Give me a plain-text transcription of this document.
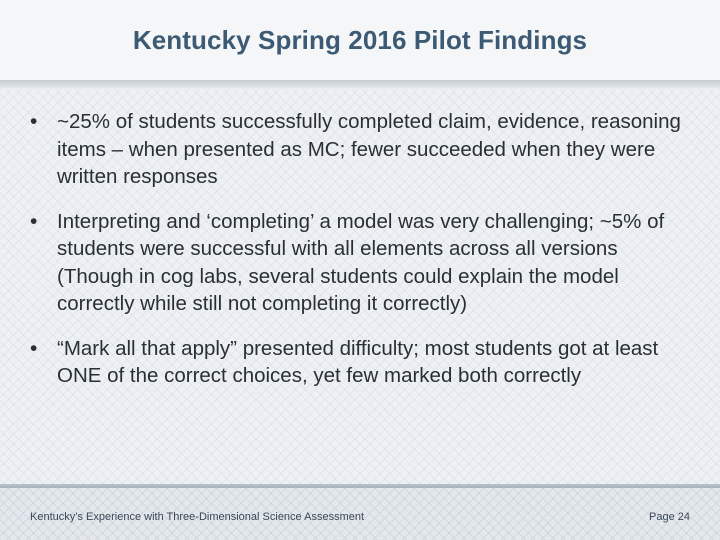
Kentucky Spring 2016 Pilot Findings
• ~25% of students successfully completed claim, evidence, reasoning items – when presented as MC; fewer succeeded when they were written responses
• Interpreting and ‘completing’ a model was very challenging; ~5% of students were successful with all elements across all versions (Though in cog labs, several students could explain the model correctly while still not completing it correctly)
• “Mark all that apply” presented difficulty; most students got at least ONE of the correct choices, yet few marked both correctly
Kentucky’s Experience with Three-Dimensional Science Assessment	Page 24
